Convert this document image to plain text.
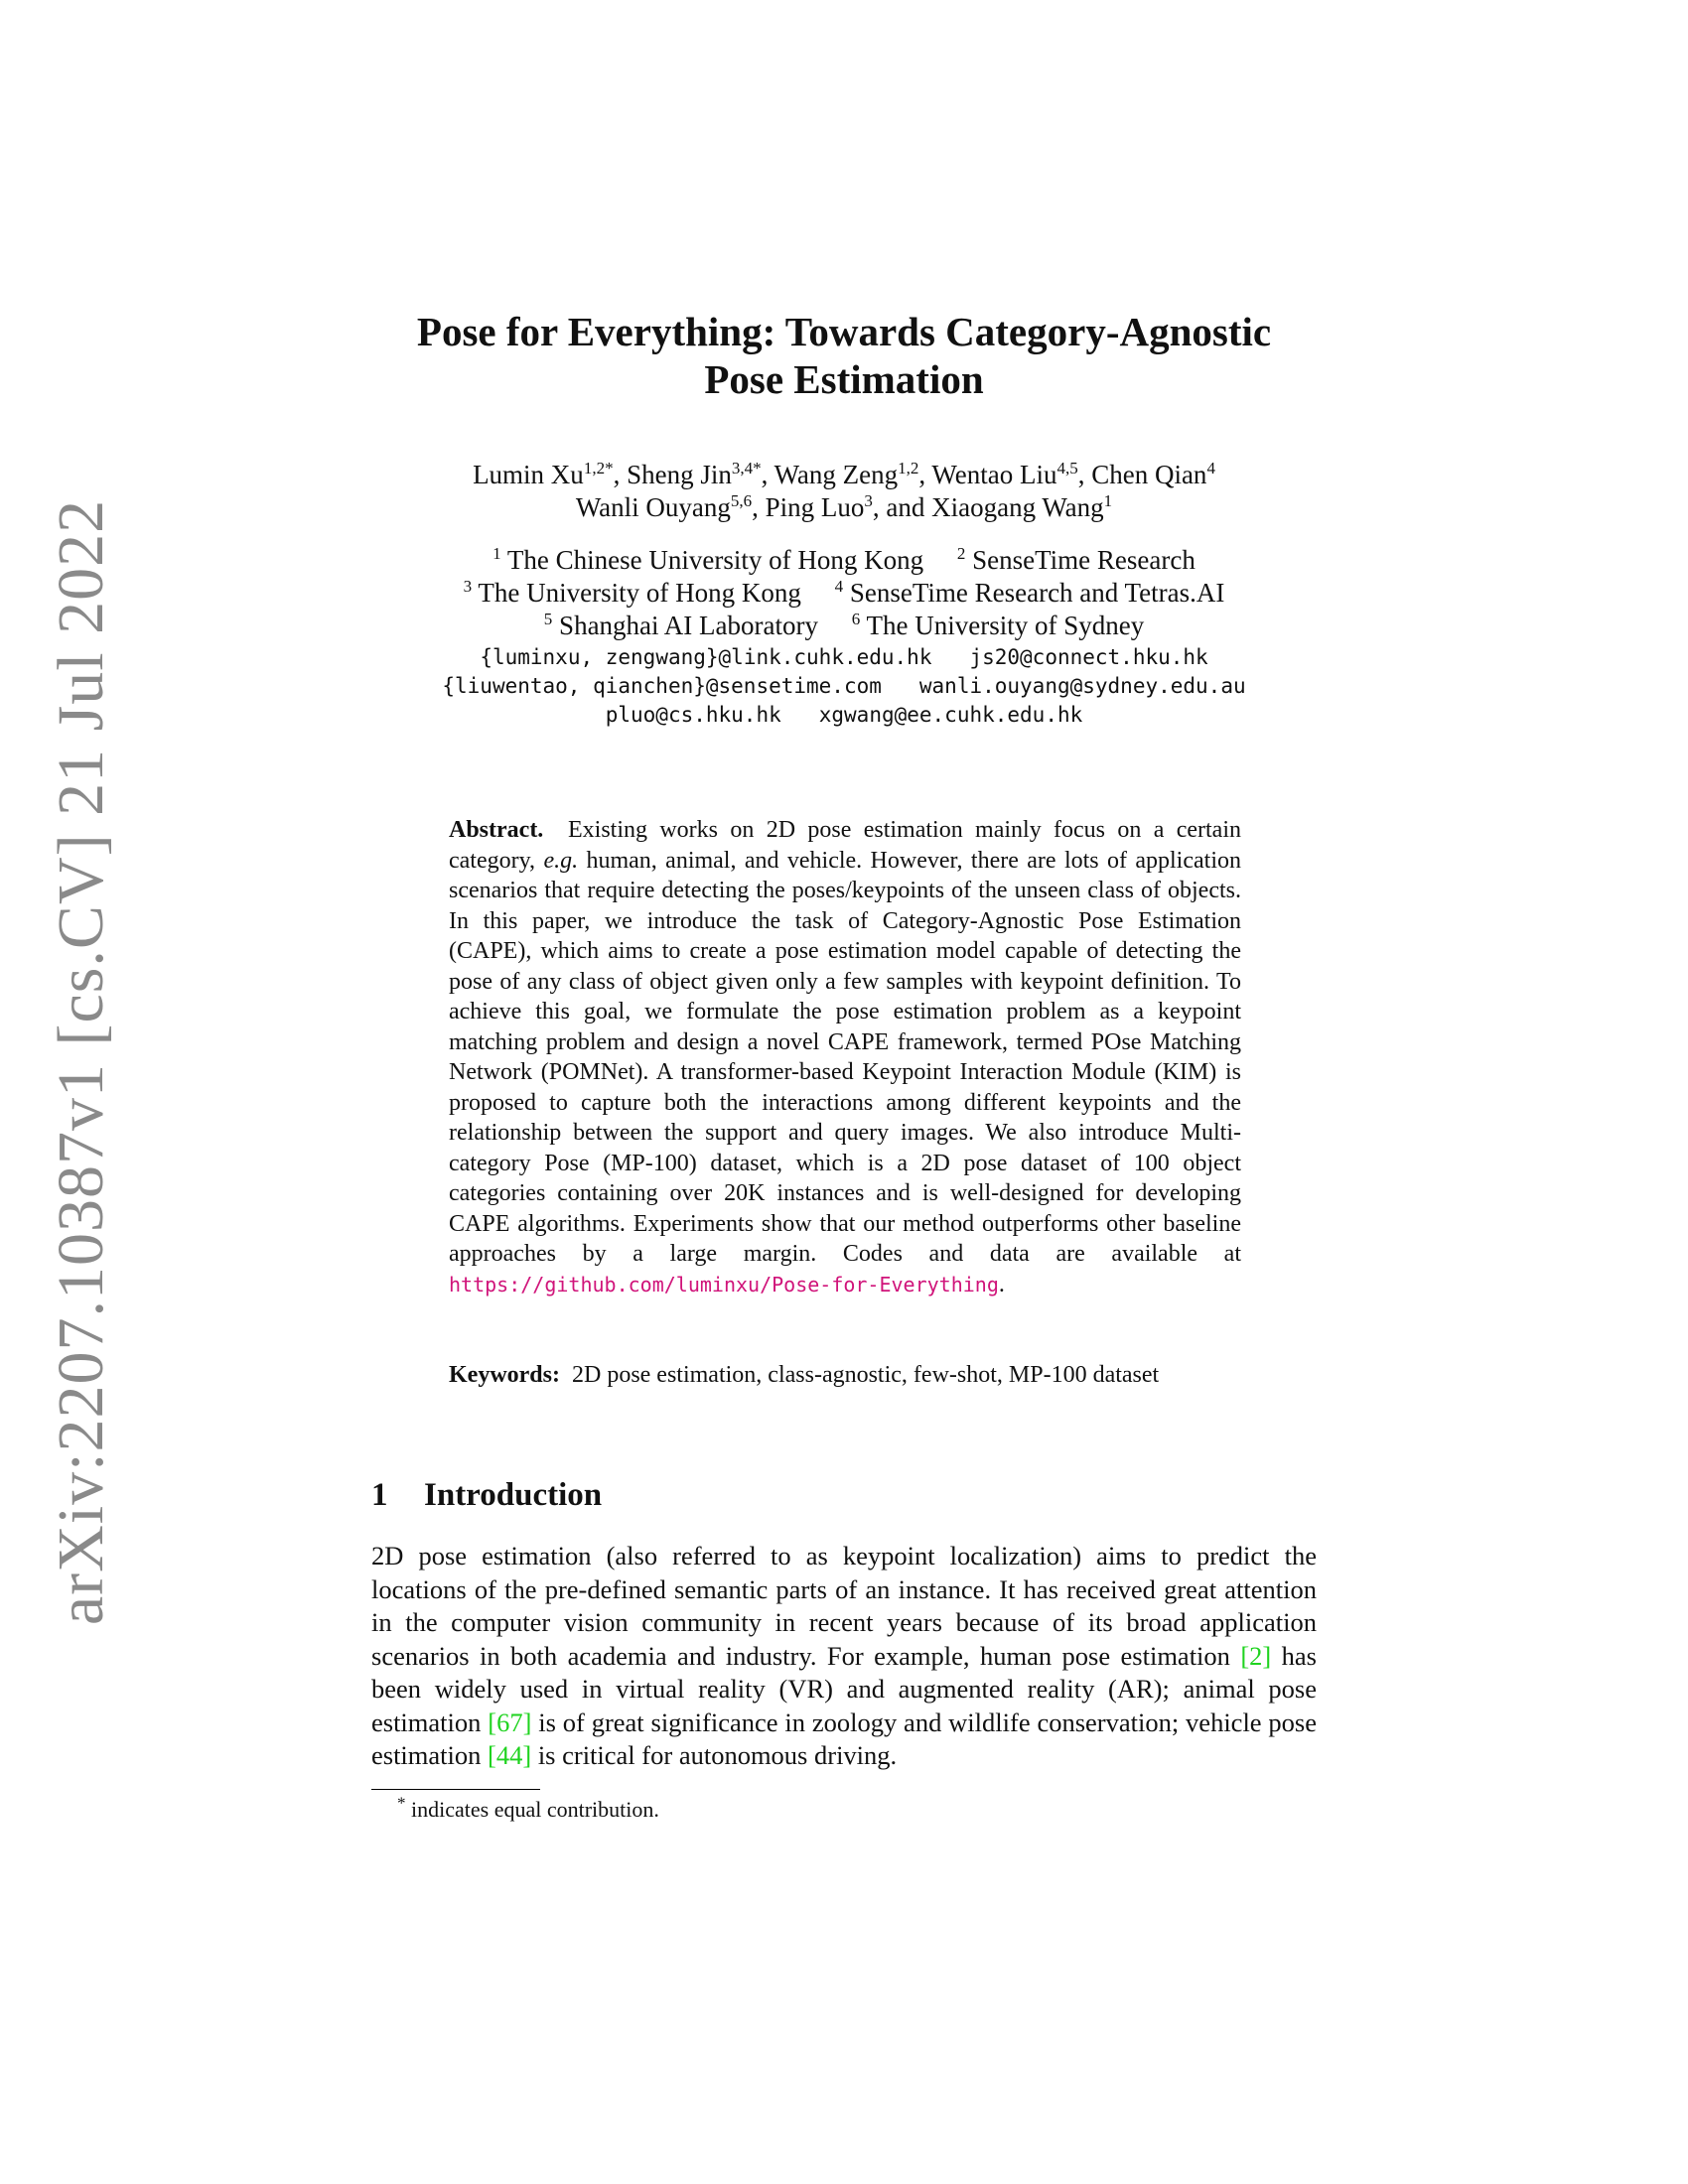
arXiv:2207.10387v1 [cs.CV] 21 Jul 2022
Pose for Everything: Towards Category-Agnostic
Pose Estimation
Lumin $Xu^{1,2*}$, Sheng Jin$^{3,4*}$, Wang Zeng$^{1,2}$, Wentao Liu$^{4,5}$, Chen Qian$^4$
Wanli Ouyang$^{5,6}$, Ping Luo$^3$, and Xiaogang Wang$^1$
$^1$ The Chinese University of Hong Kong $^2$ SenseTime Research
$^3$ The University of Hong Kong $^4$ SenseTime Research and Tetras.AI
$^5$ Shanghai AI Laboratory $^6$ The University of Sydney
{luminxu, zengwang}@link.cuhk.edu.hk js20@connect.hku.hk
{liuwentao, qianchen}@sensetime.com wanli.ouyang@sydney.edu.au
pluo@cs.hku.hk xgwang@ee.cuhk.edu.hk
Abstract. Existing works on 2D pose estimation mainly focus on a certain category, e.g. human, animal, and vehicle. However, there are lots of application scenarios that require detecting the poses/keypoints of the unseen class of objects. In this paper, we introduce the task of Category-Agnostic Pose Estimation (CAPE), which aims to create a pose estimation model capable of detecting the pose of any class of object given only a few samples with keypoint definition. To achieve this goal, we formulate the pose estimation problem as a keypoint matching problem and design a novel CAPE framework, termed POse Matching Network (POMNet). A transformer-based Keypoint Interaction Module (KIM) is proposed to capture both the interactions among different keypoints and the relationship between the support and query images. We also introduce Multi-category Pose (MP-100) dataset, which is a 2D pose dataset of 100 object categories containing over 20K instances and is well-designed for developing CAPE algorithms. Experiments show that our method outperforms other baseline approaches by a large margin. Codes and data are available at https://github.com/luminxu/Pose-for-Everything.
Keywords: 2D pose estimation, class-agnostic, few-shot, MP-100 dataset
1 Introduction
2D pose estimation (also referred to as keypoint localization) aims to predict the locations of the pre-defined semantic parts of an instance. It has received great attention in the computer vision community in recent years because of its broad application scenarios in both academia and industry. For example, human pose estimation [2] has been widely used in virtual reality (VR) and augmented reality (AR); animal pose estimation [67] is of great significance in zoology and wildlife conservation; vehicle pose estimation [44] is critical for autonomous driving.
* indicates equal contribution.
